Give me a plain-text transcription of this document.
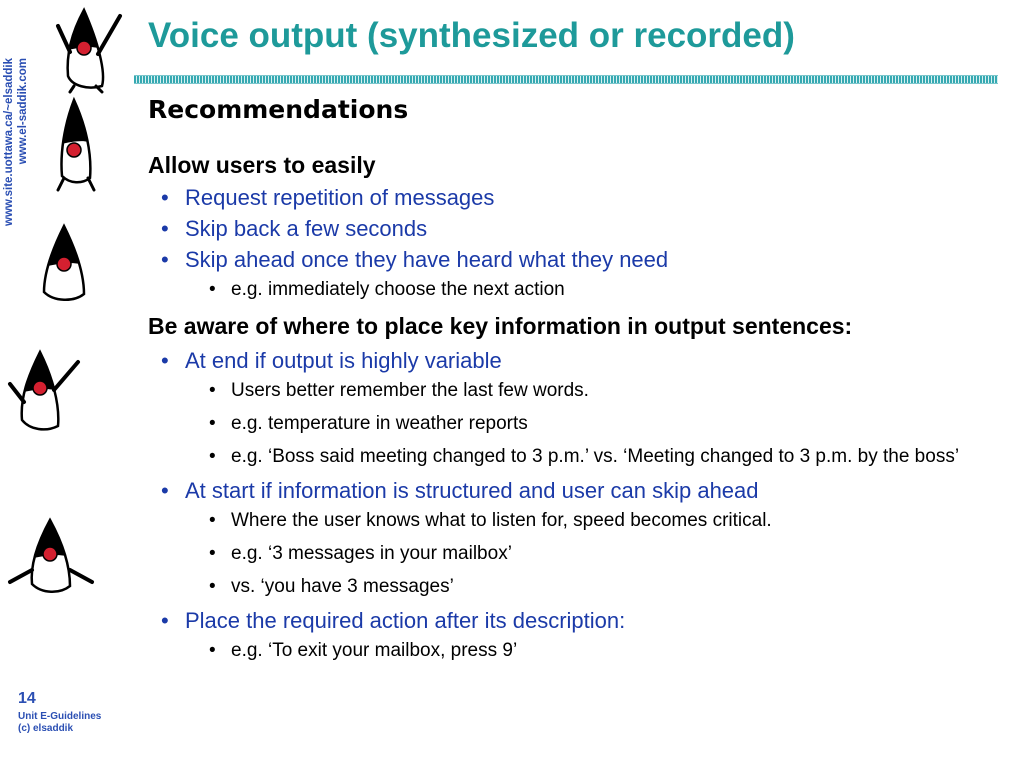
Voice output (synthesized or recorded)
Recommendations
www.site.uottawa.ca/~elsaddik www.el-saddik.com
14
Unit E-Guidelines
(c) elsaddik
Allow users to easily
• Request repetition of messages
• Skip back a few seconds
• Skip ahead once they have heard what they need
• e.g. immediately choose the next action
Be aware of where to place key information in output sentences:
• At end if output is highly variable
• Users better remember the last few words.
• e.g. temperature in weather reports
• e.g. ‘Boss said meeting changed to 3 p.m.’ vs. ‘Meeting changed to 3 p.m. by the boss’
• At start if information is structured and user can skip ahead
• Where the user knows what to listen for, speed becomes critical.
• e.g. ‘3 messages in your mailbox’
• vs. ‘you have 3 messages’
• Place the required action after its description:
• e.g. ‘To exit your mailbox, press 9’
